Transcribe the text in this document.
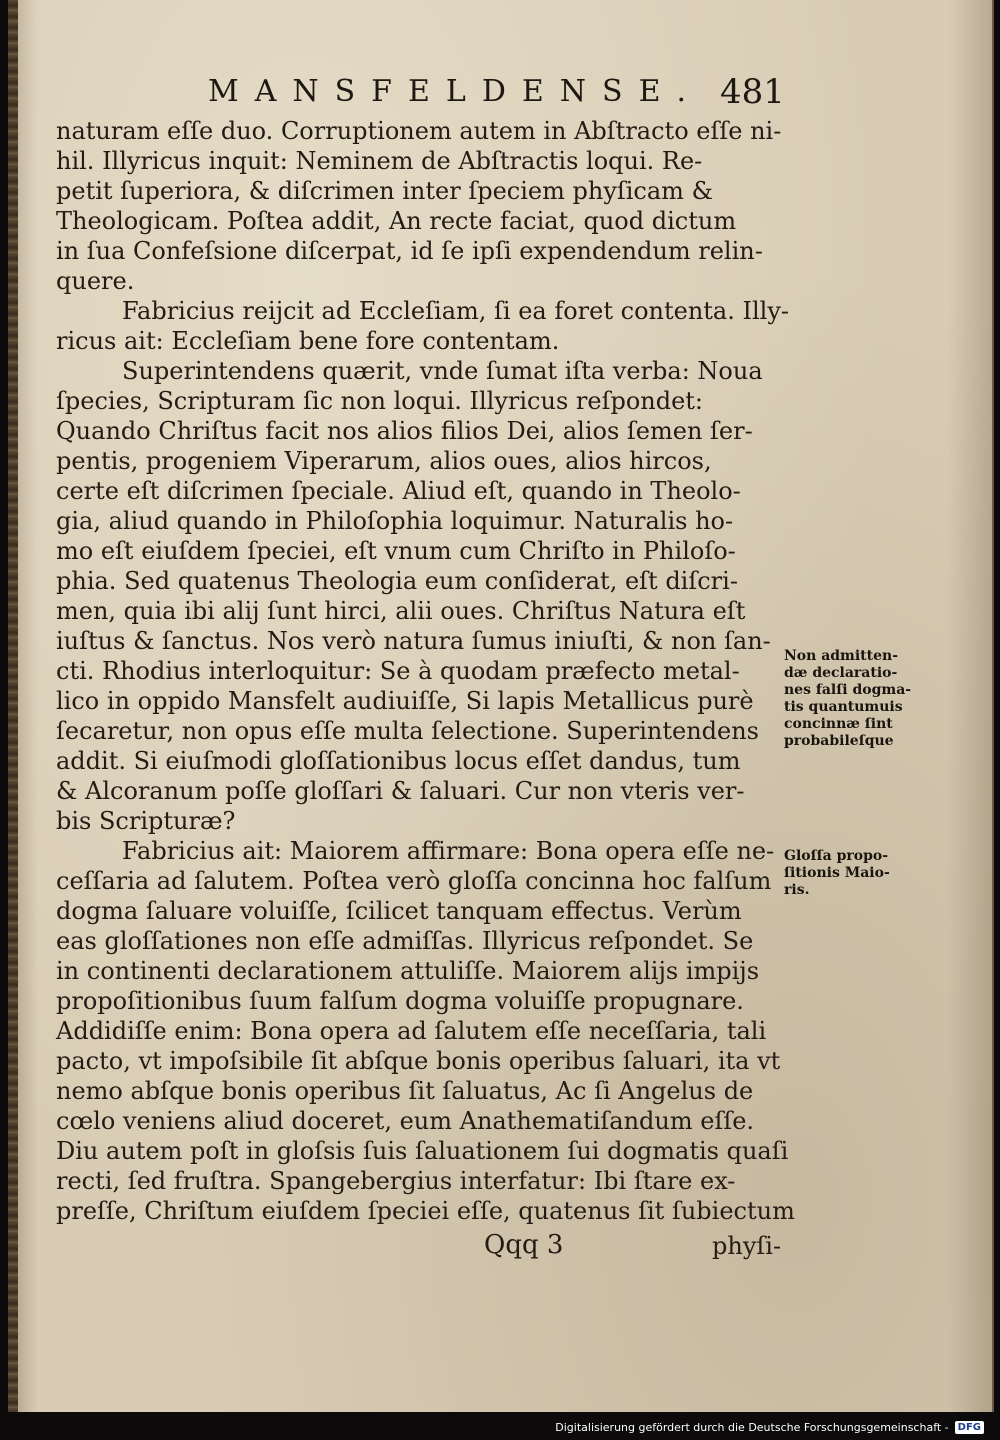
MANSFELDENSE. 481
naturam eſſe duo. Corruptionem autem in Abſtracto eſſe ni-
hil. Illyricus inquit: Neminem de Abſtractis loqui. Re-
petit ſuperiora, & diſcrimen inter ſpeciem phyſicam &
Theologicam. Poſtea addit, An recte faciat, quod dictum
in ſua Confeſsione diſcerpat, id ſe ipſi expendendum relin-
quere.
Fabricius reijcit ad Eccleſiam, ſi ea foret contenta. Illy-
ricus ait: Eccleſiam bene fore contentam.
Superintendens quærit, vnde ſumat iſta verba: Noua
ſpecies, Scripturam ſic non loqui. Illyricus reſpondet:
Quando Chriſtus facit nos alios filios Dei, alios ſemen ſer-
pentis, progeniem Viperarum, alios oues, alios hircos,
certe eſt diſcrimen ſpeciale. Aliud eſt, quando in Theolo-
gia, aliud quando in Philoſophia loquimur. Naturalis ho-
mo eſt eiuſdem ſpeciei, eſt vnum cum Chriſto in Philoſo-
phia. Sed quatenus Theologia eum conſiderat, eſt diſcri-
men, quia ibi alij ſunt hirci, alii oues. Chriſtus Natura eſt
iuſtus & ſanctus. Nos verò natura ſumus iniuſti, & non ſan-
cti. Rhodius interloquitur: Se à quodam præfecto metal-
lico in oppido Mansfelt audiuiſſe, Si lapis Metallicus purè
ſecaretur, non opus eſſe multa ſelectione. Superintendens
addit. Si eiuſmodi gloſſationibus locus eſſet dandus, tum
& Alcoranum poſſe gloſſari & ſaluari. Cur non vteris ver-
bis Scripturæ?
Fabricius ait: Maiorem affirmare: Bona opera eſſe ne-
ceſſaria ad ſalutem. Poſtea verò gloſſa concinna hoc falſum
dogma ſaluare voluiſſe, ſcilicet tanquam effectus. Verùm
eas gloſſationes non eſſe admiſſas. Illyricus reſpondet. Se
in continenti declarationem attuliſſe. Maiorem alijs impijs
propoſitionibus ſuum falſum dogma voluiſſe propugnare.
Addidiſſe enim: Bona opera ad ſalutem eſſe neceſſaria, tali
pacto, vt impoſsibile ſit abſque bonis operibus ſaluari, ita vt
nemo abſque bonis operibus ſit ſaluatus, Ac ſi Angelus de
cœlo veniens aliud doceret, eum Anathematiſandum eſſe.
Diu autem poſt in gloſsis ſuis ſaluationem ſui dogmatis quaſi
recti, ſed fruſtra. Spangebergius interfatur: Ibi ſtare ex-
preſſe, Chriſtum eiuſdem ſpeciei eſſe, quatenus ſit ſubiectum
Non admitten-
dæ declaratio-
nes falſi dogma-
tis quantumuis
concinnæ ſint
probabileſque
Gloſſa propo-
ſitionis Maio-
ris.
Qqq 3	phyſi-
Digitalisierung gefördert durch die Deutsche Forschungsgemeinschaft - DFG
